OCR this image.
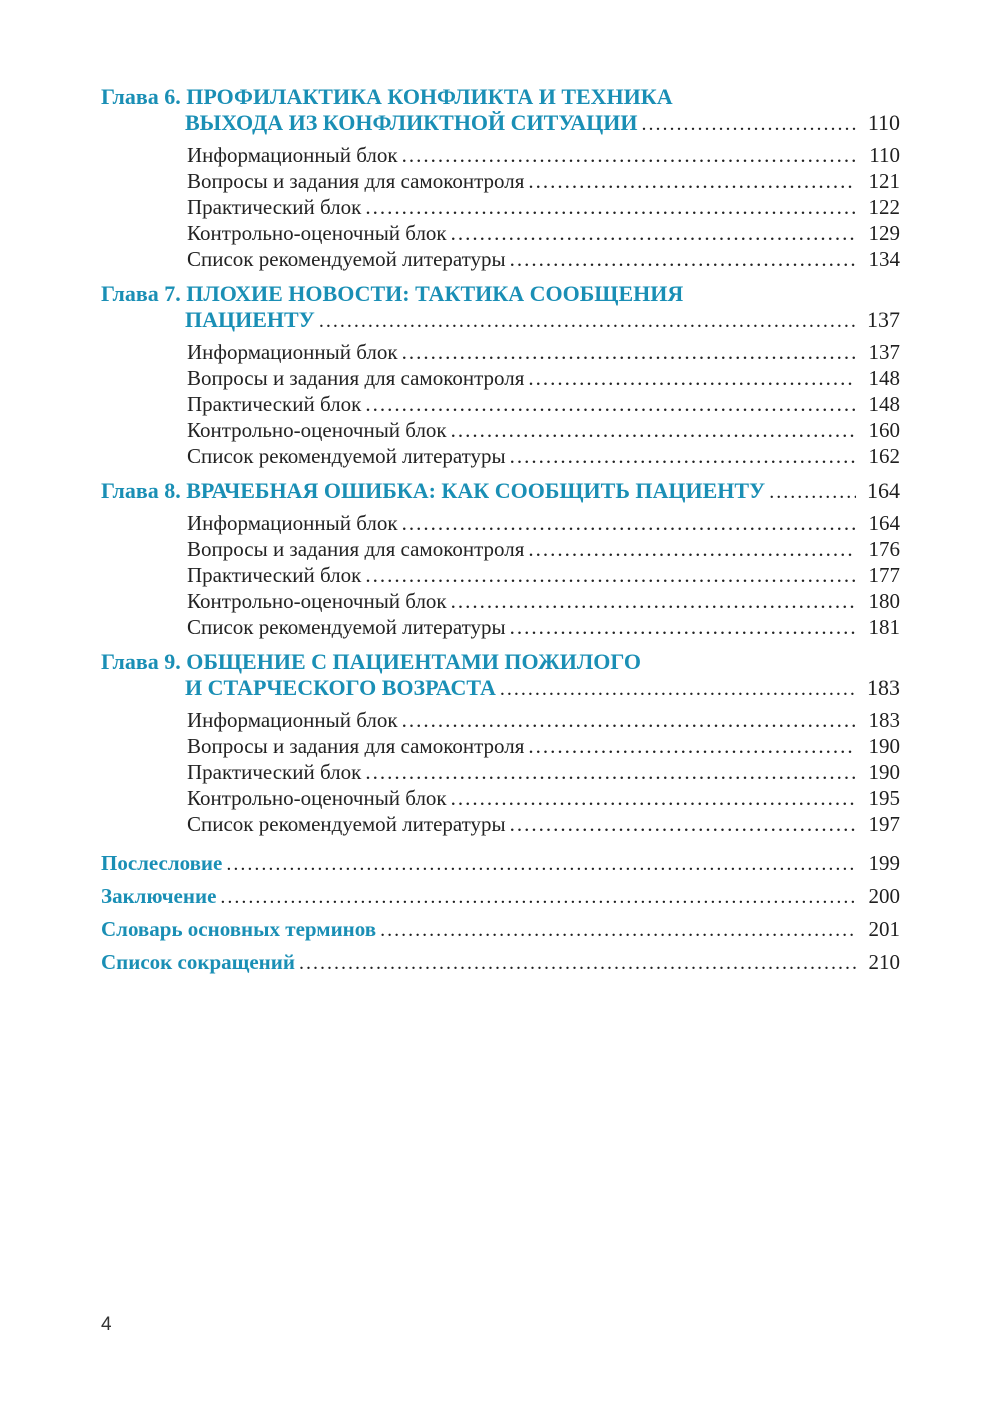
Глава 6. ПРОФИЛАКТИКА КОНФЛИКТА И ТЕХНИКА
ВЫХОДА ИЗ КОНФЛИКТНОЙ СИТУАЦИИ .....	110
Информационный блок .....	110
Вопросы и задания для самоконтроля .....	121
Практический блок .....	122
Контрольно-оценочный блок .....	129
Список рекомендуемой литературы .....	134
Глава 7. ПЛОХИЕ НОВОСТИ: ТАКТИКА СООБЩЕНИЯ
ПАЦИЕНТУ .....	137
Информационный блок .....	137
Вопросы и задания для самоконтроля .....	148
Практический блок .....	148
Контрольно-оценочный блок .....	160
Список рекомендуемой литературы .....	162
Глава 8. ВРАЧЕБНАЯ ОШИБКА: КАК СООБЩИТЬ ПАЦИЕНТУ .....	164
Информационный блок .....	164
Вопросы и задания для самоконтроля .....	176
Практический блок .....	177
Контрольно-оценочный блок .....	180
Список рекомендуемой литературы .....	181
Глава 9. ОБЩЕНИЕ С ПАЦИЕНТАМИ ПОЖИЛОГО
И СТАРЧЕСКОГО ВОЗРАСТА .....	183
Информационный блок .....	183
Вопросы и задания для самоконтроля .....	190
Практический блок .....	190
Контрольно-оценочный блок .....	195
Список рекомендуемой литературы .....	197
Послесловие .....	199
Заключение .....	200
Словарь основных терминов .....	201
Список сокращений .....	210
4
